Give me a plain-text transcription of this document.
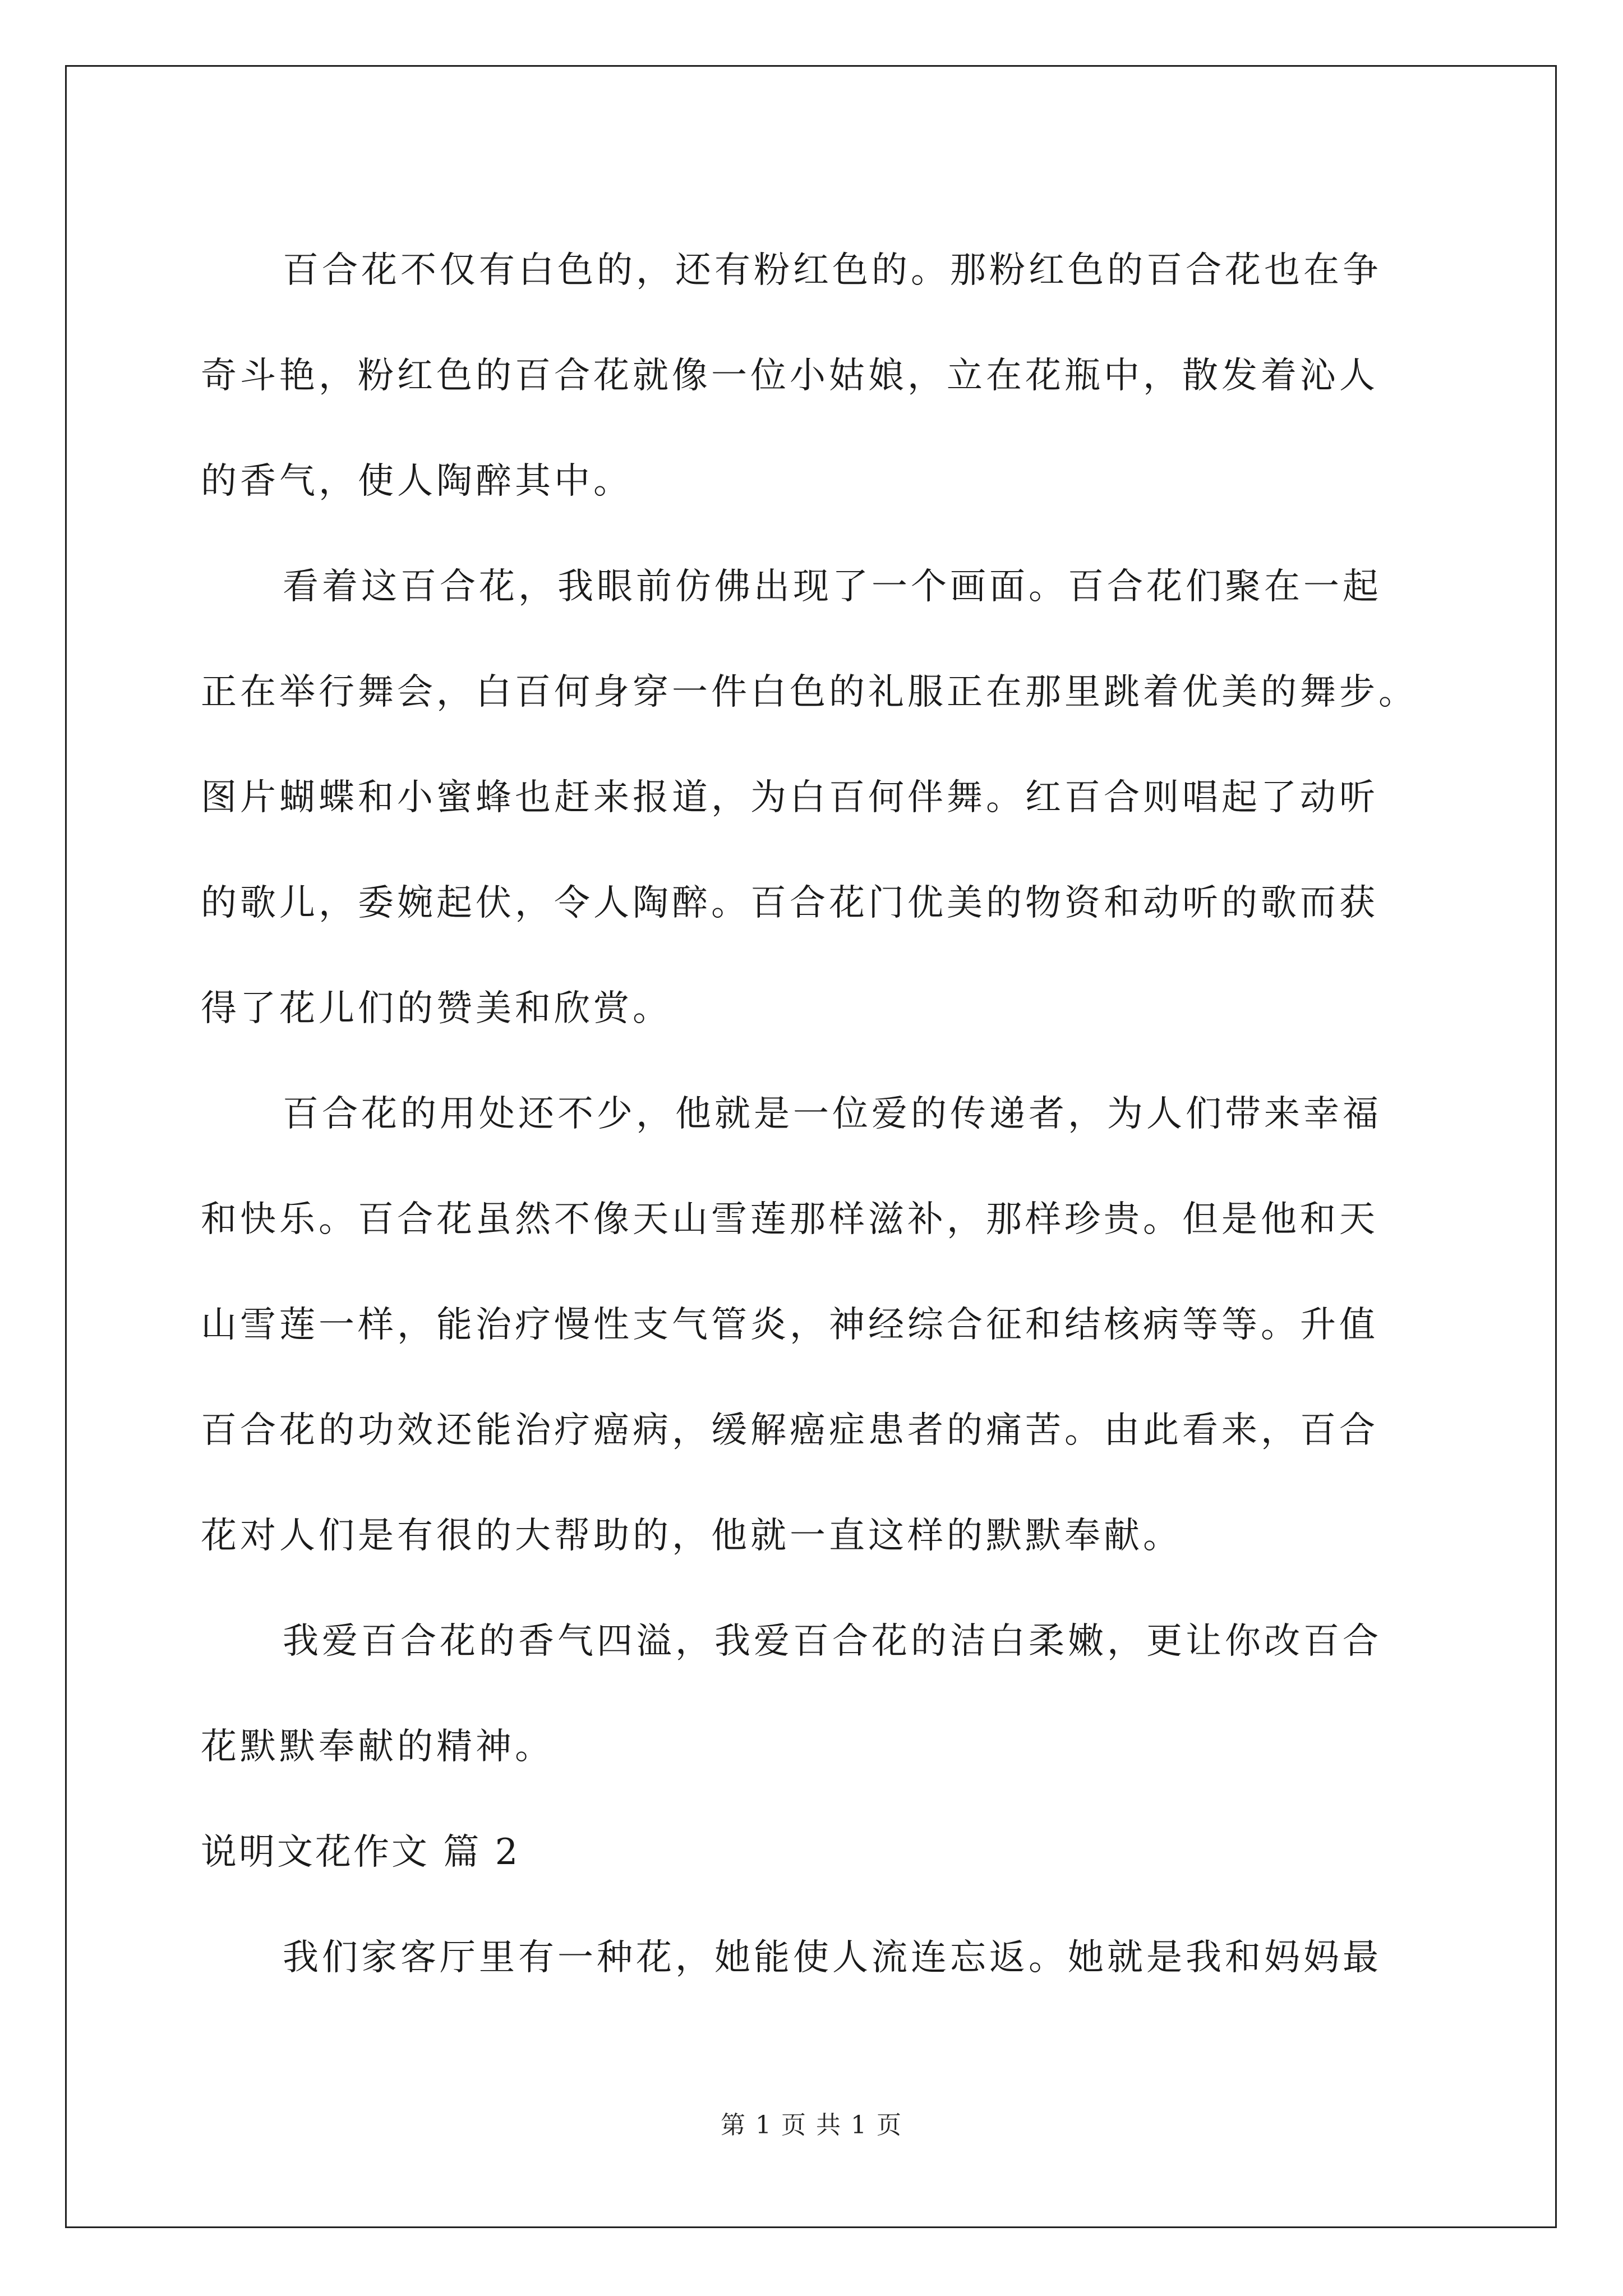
百合花不仅有白色的，还有粉红色的。那粉红色的百合花也在争
奇斗艳，粉红色的百合花就像一位小姑娘，立在花瓶中，散发着沁人
的香气，使人陶醉其中。
看着这百合花，我眼前仿佛出现了一个画面。百合花们聚在一起
正在举行舞会，白百何身穿一件白色的礼服正在那里跳着优美的舞步。
图片蝴蝶和小蜜蜂也赶来报道，为白百何伴舞。红百合则唱起了动听
的歌儿，委婉起伏，令人陶醉。百合花门优美的物资和动听的歌而获
得了花儿们的赞美和欣赏。
百合花的用处还不少，他就是一位爱的传递者，为人们带来幸福
和快乐。百合花虽然不像天山雪莲那样滋补，那样珍贵。但是他和天
山雪莲一样，能治疗慢性支气管炎，神经综合征和结核病等等。升值
百合花的功效还能治疗癌病，缓解癌症患者的痛苦。由此看来，百合
花对人们是有很的大帮助的，他就一直这样的默默奉献。
我爱百合花的香气四溢，我爱百合花的洁白柔嫩，更让你改百合
花默默奉献的精神。
说明文花作文 篇 2
我们家客厅里有一种花，她能使人流连忘返。她就是我和妈妈最
第 1 页 共 1 页
